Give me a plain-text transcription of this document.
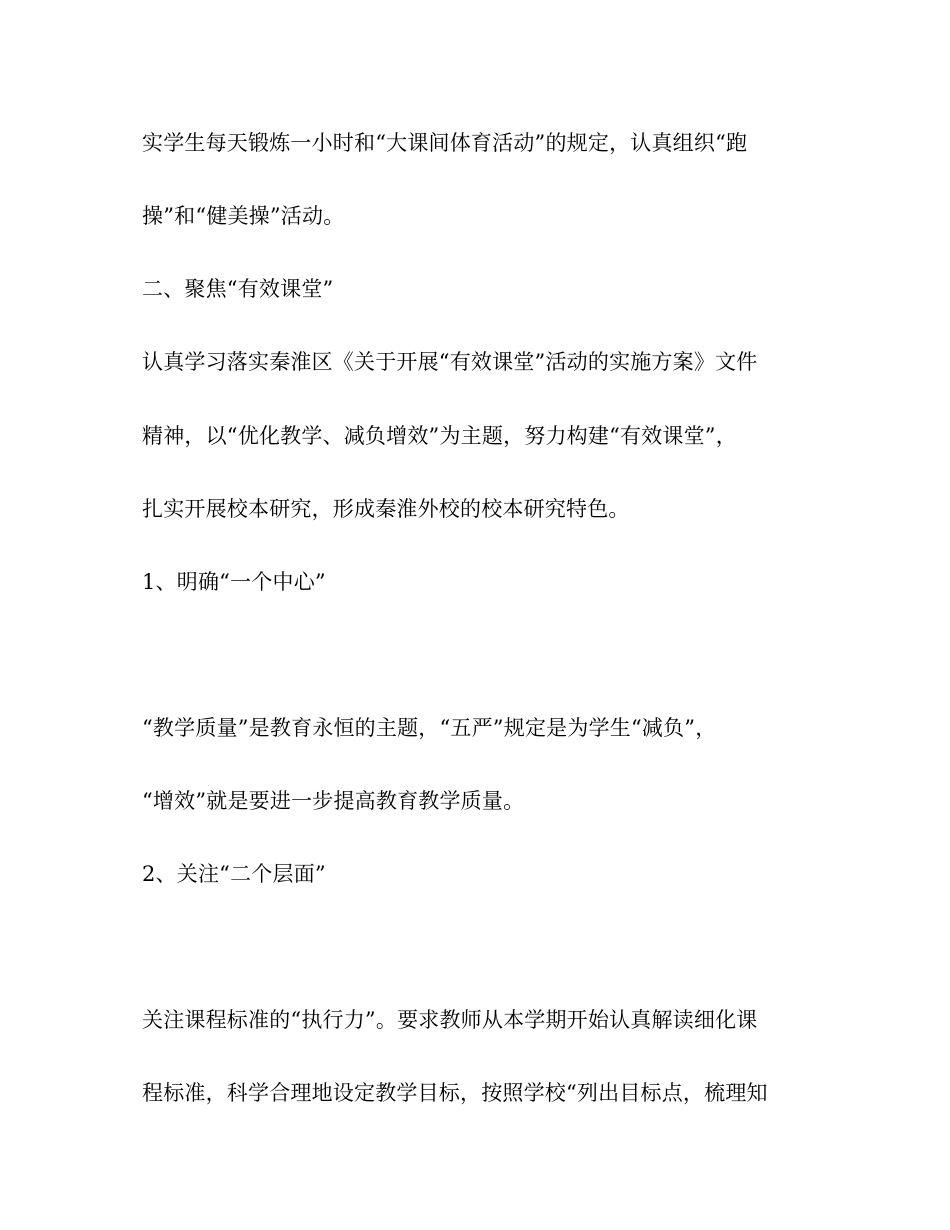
实学生每天锻炼一小时和“大课间体育活动”的规定，认真组织“跑
操”和“健美操”活动。
二、聚焦“有效课堂”
认真学习落实秦淮区《关于开展“有效课堂”活动的实施方案》文件
精神，以“优化教学、减负增效”为主题，努力构建“有效课堂”，
扎实开展校本研究，形成秦淮外校的校本研究特色。
1、明确“一个中心”
“教学质量”是教育永恒的主题，“五严”规定是为学生“减负”，
“增效”就是要进一步提高教育教学质量。
2、关注“二个层面”
关注课程标准的“执行力”。要求教师从本学期开始认真解读细化课
程标准，科学合理地设定教学目标，按照学校“列出目标点，梳理知
